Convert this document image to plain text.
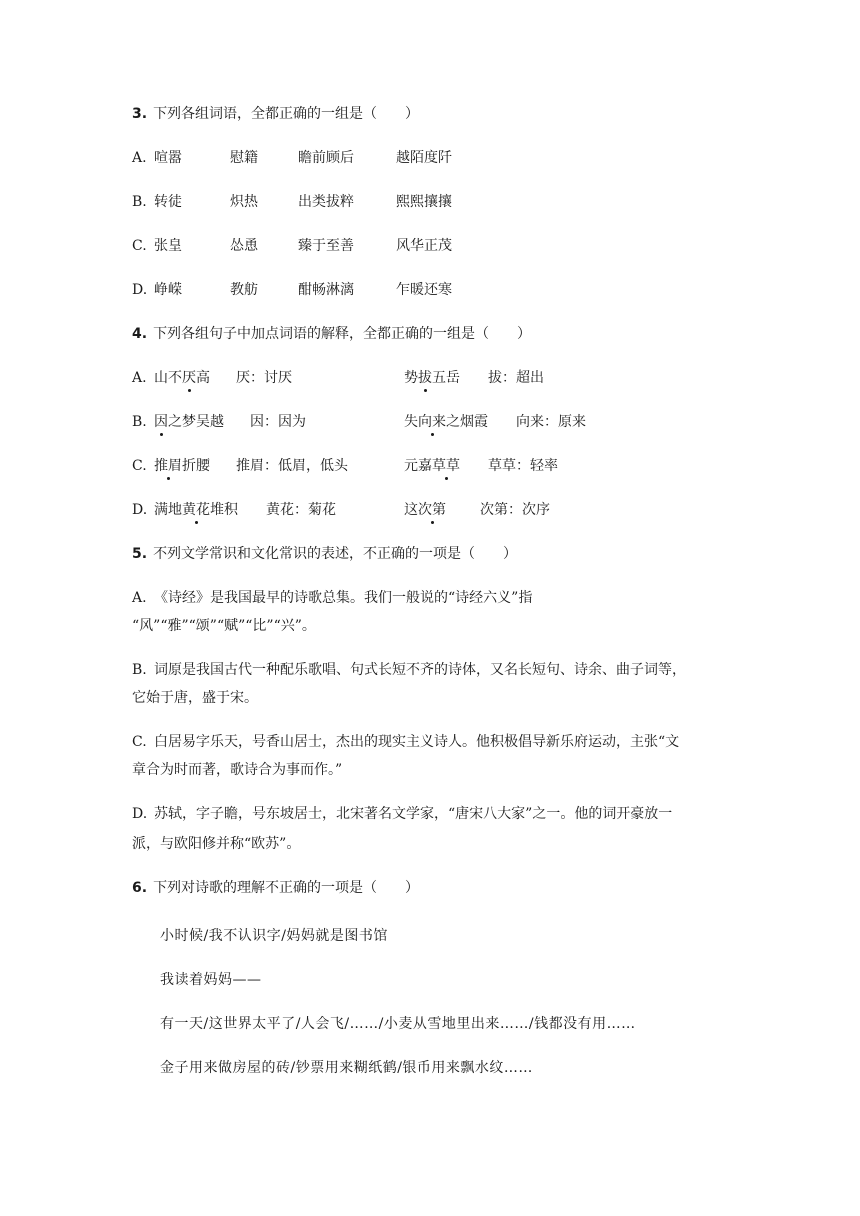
3. 下列各组词语，全都正确的一组是（　　）
A. 喧嚣	慰籍	瞻前顾后	越陌度阡
B. 转徒	炽热	出类拔粹	熙熙攘攘
C. 张皇	怂恿	臻于至善	风华正茂
D. 峥嵘	教舫	酣畅淋漓	乍暖还寒
4. 下列各组句子中加点词语的解释，全都正确的一组是（　　）
A. 山不厌高 厌：讨厌	势拔五岳 拔：超出
B. 因之梦吴越 因：因为	失向来之烟霞 向来：原来
C. 推眉折腰 推眉：低眉，低头	元嘉草草 草草：轻率
D. 满地黄花堆积 黄花：菊花	这次第 次第：次序
5. 不列文学常识和文化常识的表述，不正确的一项是（　　）
A. 《诗经》是我国最早的诗歌总集。我们一般说的“诗经六义”指
“风”“雅”“颂”“赋”“比”“兴”。
B. 词原是我国古代一种配乐歌唱、句式长短不齐的诗体，又名长短句、诗余、曲子词等，
它始于唐，盛于宋。
C. 白居易字乐天，号香山居士，杰出的现实主义诗人。他积极倡导新乐府运动，主张“文
章合为时而著，歌诗合为事而作。”
D. 苏轼，字子瞻，号东坡居士，北宋著名文学家，“唐宋八大家”之一。他的词开豪放一
派，与欧阳修并称“欧苏”。
6. 下列对诗歌的理解不正确的一项是（　　）
小时候/我不认识字/妈妈就是图书馆
我读着妈妈——
有一天/这世界太平了/人会飞/……/小麦从雪地里出来……/钱都没有用……
金子用来做房屋的砖/钞票用来糊纸鹤/银币用来飘水纹……
